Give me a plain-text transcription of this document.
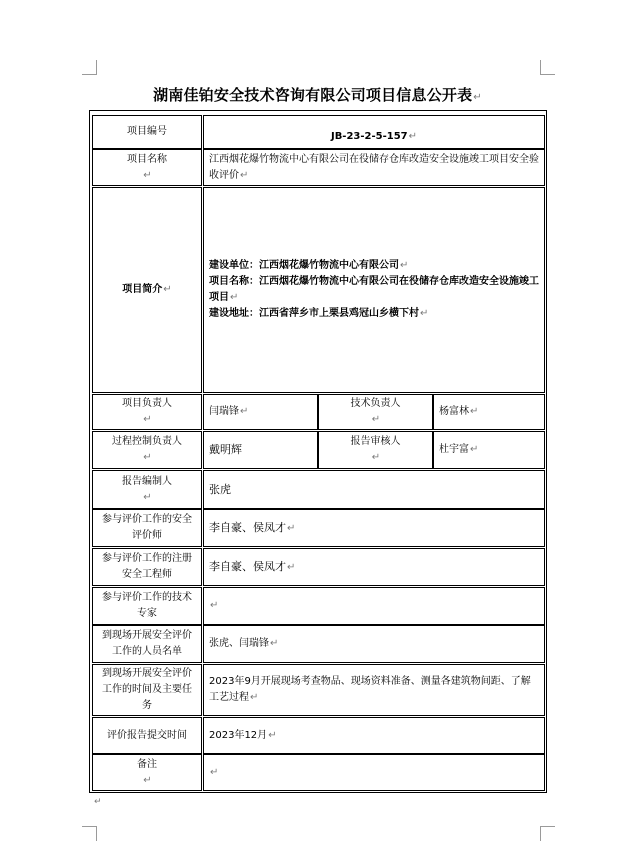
湖南佳铂安全技术咨询有限公司项目信息公开表↵
项目编号	JB-23-2-5-157 ↵
项目名称
↵
江西烟花爆竹物流中心有限公司在役储存仓库改造安全设施竣工项目安全验收评价↵
项目简介 ↵
建设单位：江西烟花爆竹物流中心有限公司↵
项目名称：江西烟花爆竹物流中心有限公司在役储存仓库改造安全设施竣工项目↵
建设地址：江西省萍乡市上栗县鸡冠山乡横下村↵
项目负责人
↵
闫瑞锋↵
技术负责人
↵
杨富林↵
过程控制负责人
↵
戴明辉
报告审核人
↵
杜宇富↵
报告编制人
↵
张虎
参与评价工作的安全评价师
李自豪、侯凤才↵
参与评价工作的注册安全工程师
李自豪、侯凤才↵
参与评价工作的技术专家
↵
到现场开展安全评价工作的人员名单
张虎、闫瑞锋↵
到现场开展安全评价工作的时间及主要任务
2023年9月开展现场考查物品、现场资料准备、测量各建筑物间距、了解工艺过程↵
评价报告提交时间 2023年12月↵
备注
↵
↵
↵
